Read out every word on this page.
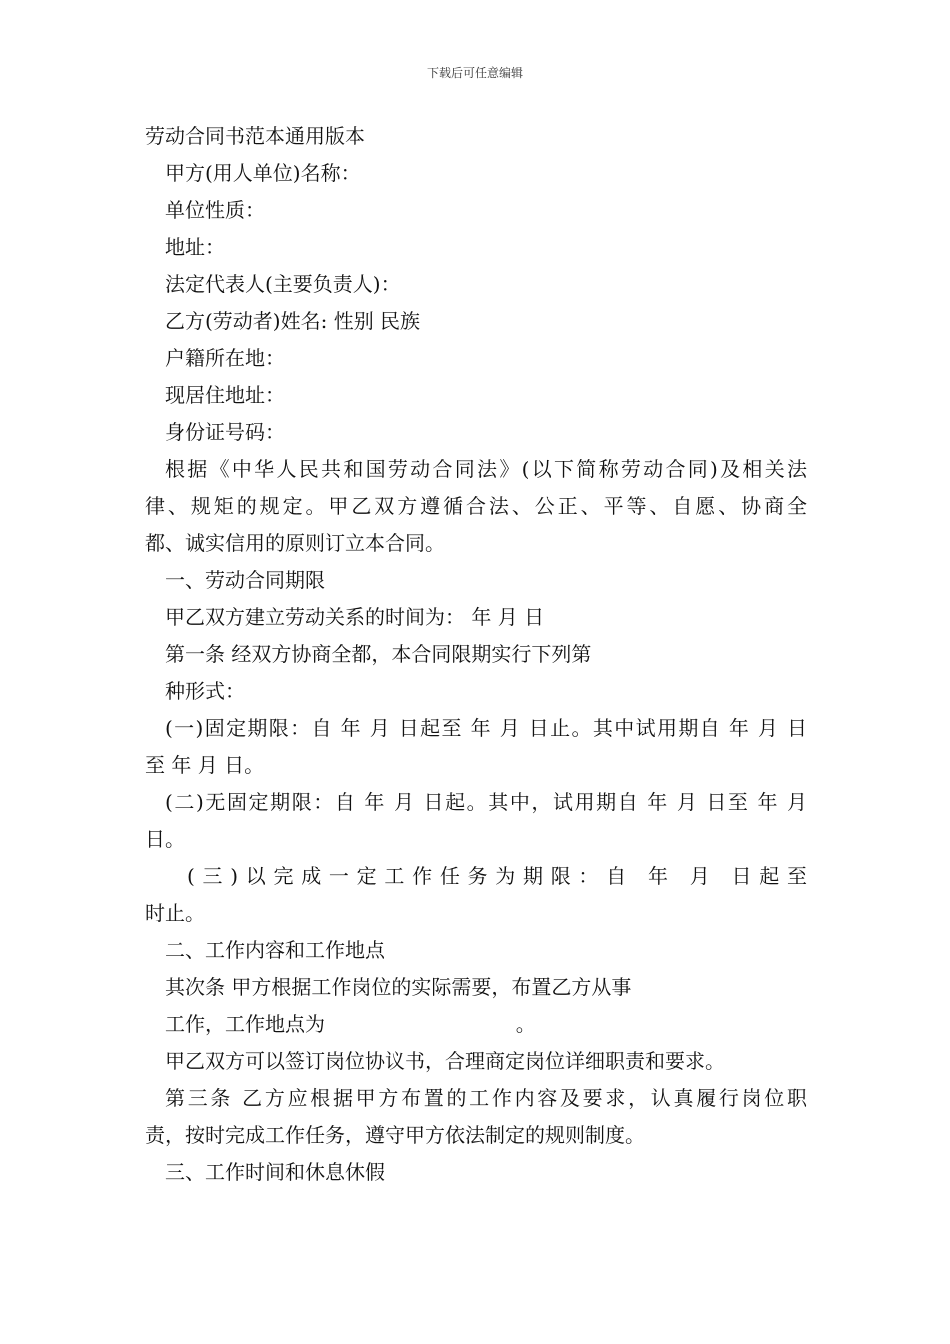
下载后可任意编辑
劳动合同书范本通用版本
甲方(用人单位)名称：
单位性质：
地址：
法定代表人(主要负责人)：
乙方(劳动者)姓名: 性别 民族
户籍所在地：
现居住地址：
身份证号码：
根据《中华人民共和国劳动合同法》(以下简称劳动合同)及相关法
律、规矩的规定。甲乙双方遵循合法、公正、平等、自愿、协商全
都、诚实信用的原则订立本合同。
一、劳动合同期限
甲乙双方建立劳动关系的时间为： 年 月 日
第一条 经双方协商全都，本合同限期实行下列第
种形式：
(一)固定期限：自 年 月 日起至 年 月 日止。其中试用期自 年 月 日
至 年 月 日。
(二)无固定期限：自 年 月 日起。其中，试用期自 年 月 日至 年 月
日。
(三)以完成一定工作任务为期限：自 年 月 日起至
时止。
二、工作内容和工作地点
其次条 甲方根据工作岗位的实际需要，布置乙方从事
工作，工作地点为                              。
甲乙双方可以签订岗位协议书，合理商定岗位详细职责和要求。
第三条 乙方应根据甲方布置的工作内容及要求，认真履行岗位职
责，按时完成工作任务，遵守甲方依法制定的规则制度。
三、工作时间和休息休假
